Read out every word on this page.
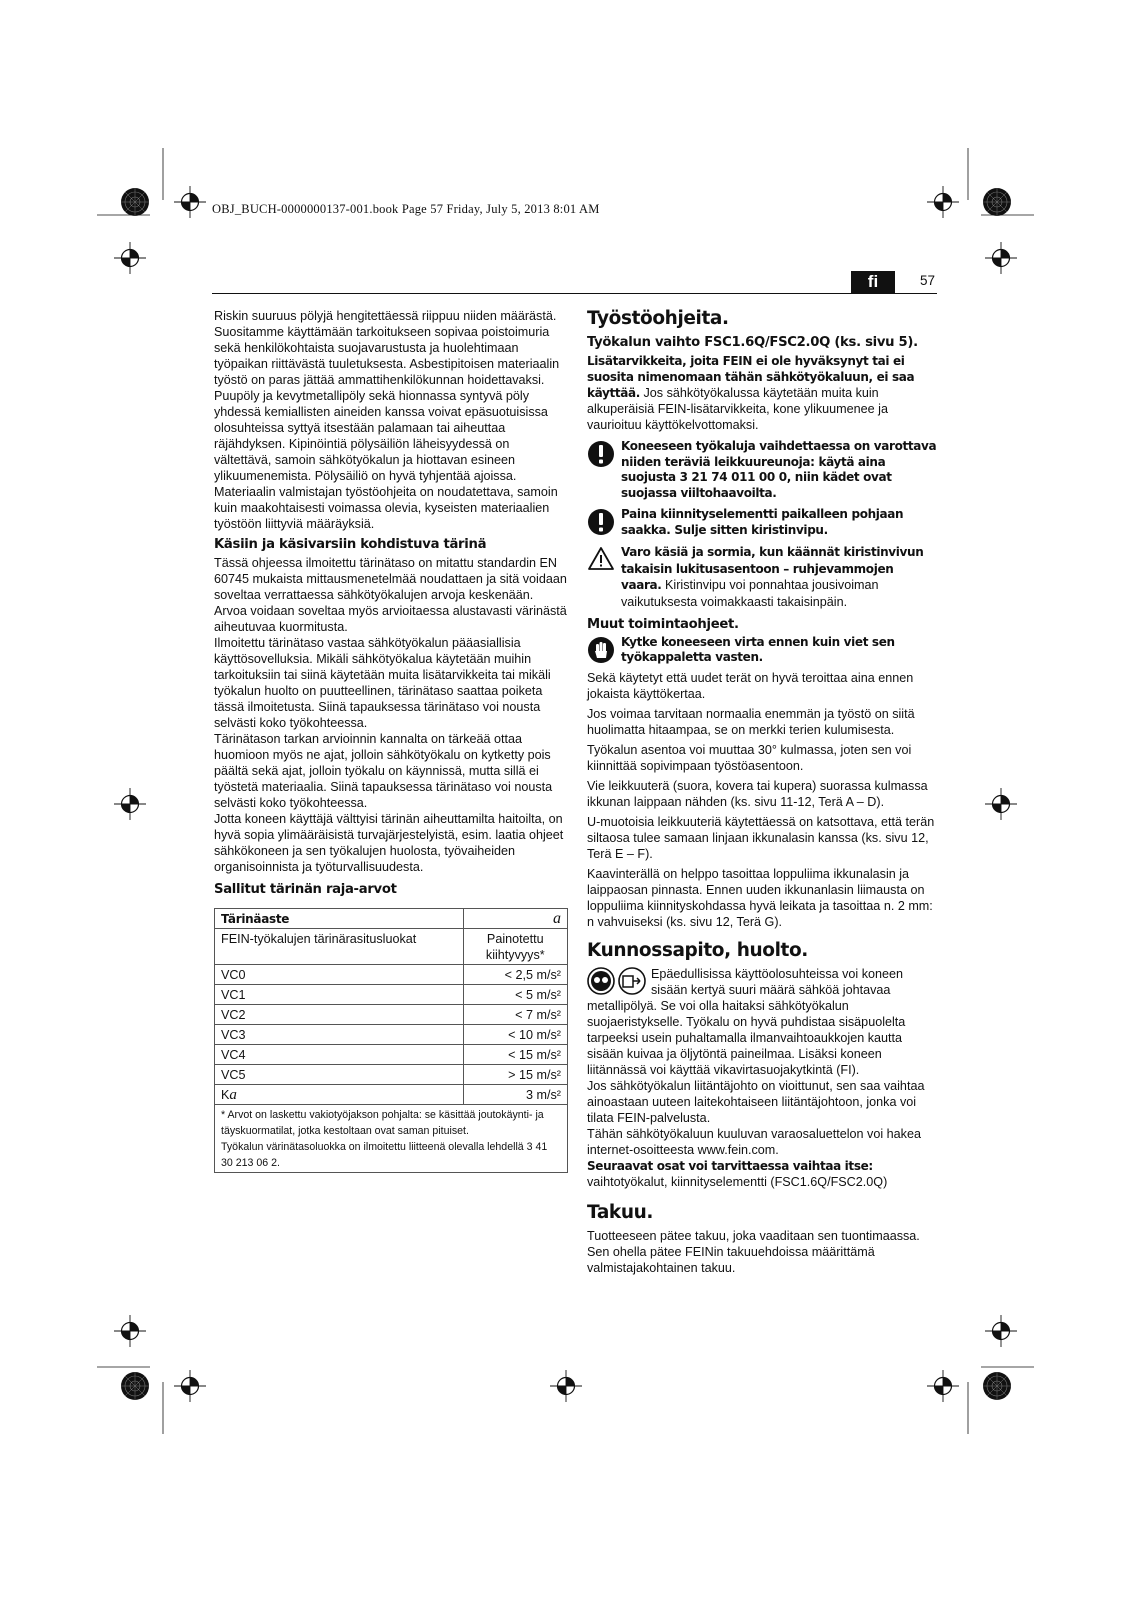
OBJ_BUCH-0000000137-001.book Page 57 Friday, July 5, 2013 8:01 AM
fi	57

Riskin suuruus pölyjä hengitettäessä riippuu niiden määrästä. Suositamme käyttämään tarkoitukseen sopivaa poistoimuria sekä henkilökohtaista suojavarustusta ja huolehtimaan työpaikan riittävästä tuuletuksesta. Asbestipitoisen materiaalin työstö on paras jättää ammattihenkilökunnan hoidettavaksi.

Puupöly ja kevytmetallipöly sekä hionnassa syntyvä pöly yhdessä kemiallisten aineiden kanssa voivat epäsuotuisissa olosuhteissa syttyä itsestään palamaan tai aiheuttaa räjähdyksen. Kipinöintiä pölysäiliön läheisyydessä on vältettävä, samoin sähkötyökalun ja hiottavan esineen ylikuumenemista. Pölysäiliö on hyvä tyhjentää ajoissa.

Materiaalin valmistajan työstöohjeita on noudatettava, samoin kuin maakohtaisesti voimassa olevia, kyseisten materiaalien työstöön liittyviä määräyksiä.

Käsiin ja käsivarsiin kohdistuva tärinä

Tässä ohjeessa ilmoitettu tärinätaso on mitattu standardin EN 60745 mukaista mittausmenetelmää noudattaen ja sitä voidaan soveltaa verrattaessa sähkötyökalujen arvoja keskenään. Arvoa voidaan soveltaa myös arvioitaessa alustavasti värinästä aiheutuvaa kuormitusta.

Ilmoitettu tärinätaso vastaa sähkötyökalun pääasiallisia käyttösovelluksia. Mikäli sähkötyökalua käytetään muihin tarkoituksiin tai siinä käytetään muita lisätarvikkeita tai mikäli työkalun huolto on puutteellinen, tärinätaso saattaa poiketa tässä ilmoitetusta. Siinä tapauksessa tärinätaso voi nousta selvästi koko työkohteessa.

Tärinätason tarkan arvioinnin kannalta on tärkeää ottaa huomioon myös ne ajat, jolloin sähkötyökalu on kytketty pois päältä sekä ajat, jolloin työkalu on käynnissä, mutta sillä ei työstetä materiaalia. Siinä tapauksessa tärinätaso voi nousta selvästi koko työkohteessa.

Jotta koneen käyttäjä välttyisi tärinän aiheuttamilta haitoilta, on hyvä sopia ylimääräisistä turvajärjestelyistä, esim. laatia ohjeet sähkökoneen ja sen työkalujen huolosta, työvaiheiden organisoinnista ja työturvallisuudesta.

Sallitut tärinän raja-arvot
Tärinäaste	a
FEIN-työkalujen tärinärasitusluokat	Painotettu
kiihtyvyys*

VC0	< 2,5 m/s²
VC1	< 5 m/s²
VC2	< 7 m/s²
VC3	< 10 m/s²
VC4	< 15 m/s²
VC5	> 15 m/s²
Ka	3 m/s²

* Arvot on laskettu vakiotyöjakson pohjalta: se käsittää joutokäynti- ja täyskuormatilat, jotka kestoltaan ovat saman pituiset.
Työkalun värinätasoluokka on ilmoitettu liitteenä olevalla lehdellä 3 41 30 213 06 2.	
Työstöohjeita.
Työkalun vaihto FSC1.6Q/FSC2.0Q (ks. sivu 5).

Lisätarvikkeita, joita FEIN ei ole hyväksynyt tai ei suosita nimenomaan tähän sähkötyökaluun, ei saa käyttää. Jos sähkötyökalussa käytetään muita kuin alkuperäisiä FEIN-lisätarvikkeita, kone ylikuumenee ja vaurioituu käyttökelvottomaksi.

Koneeseen työkaluja vaihdettaessa on varottava niiden teräviä leikkuureunoja: käytä aina suojusta 3 21 74 011 00 0, niin kädet ovat suojassa viiltohaavoilta.
Paina kiinnityselementti paikalleen pohjaan saakka. Sulje sitten kiristinvipu.
Varo käsiä ja sormia, kun käännät kiristinvivun takaisin lukitusasentoon – ruhjevammojen vaara. Kiristinvipu voi ponnahtaa jousivoiman vaikutuksesta voimakkaasti takaisinpäin.
Muut toimintaohjeet.
Kytke koneeseen virta ennen kuin viet sen työkappaletta vasten.

Sekä käytetyt että uudet terät on hyvä teroittaa aina ennen jokaista käyttökertaa.

Jos voimaa tarvitaan normaalia enemmän ja työstö on siitä huolimatta hitaampaa, se on merkki terien kulumisesta.

Työkalun asentoa voi muuttaa 30° kulmassa, joten sen voi kiinnittää sopivimpaan työstöasentoon.

Vie leikkuuterä (suora, kovera tai kupera) suorassa kulmassa ikkunan laippaan nähden (ks. sivu 11-12, Terä A – D).

U-muotoisia leikkuuteriä käytettäessä on katsottava, että terän siltaosa tulee samaan linjaan ikkunalasin kanssa (ks. sivu 12, Terä E – F).

Kaavinterällä on helppo tasoittaa loppuliima ikkunalasin ja laippaosan pinnasta. Ennen uuden ikkunanlasin liimausta on loppuliima kiinnityskohdassa hyvä leikata ja tasoittaa n. 2 mm: n vahvuiseksi (ks. sivu 12, Terä G).

Kunnossapito, huolto.

Epäedullisissa käyttöolosuhteissa voi koneen sisään kertyä suuri määrä sähköä johtavaa metallipölyä. Se voi olla haitaksi sähkötyökalun suojaeristykselle. Työkalu on hyvä puhdistaa sisäpuolelta tarpeeksi usein puhaltamalla ilmanvaihtoaukkojen kautta sisään kuivaa ja öljytöntä paineilmaa. Lisäksi koneen liitännässä voi käyttää vikavirtasuojakytkintä (FI).

Jos sähkötyökalun liitäntäjohto on vioittunut, sen saa vaihtaa ainoastaan uuteen laitekohtaiseen liitäntäjohtoon, jonka voi tilata FEIN-palvelusta.

Tähän sähkötyökaluun kuuluvan varaosaluettelon voi hakea internet-osoitteesta www.fein.com.

Seuraavat osat voi tarvittaessa vaihtaa itse:

vaihtotyökalut, kiinnityselementti (FSC1.6Q/FSC2.0Q)

Takuu.

Tuotteeseen pätee takuu, joka vaaditaan sen tuontimaassa. Sen ohella pätee FEINin takuuehdoissa määrittämä valmistajakohtainen takuu.
